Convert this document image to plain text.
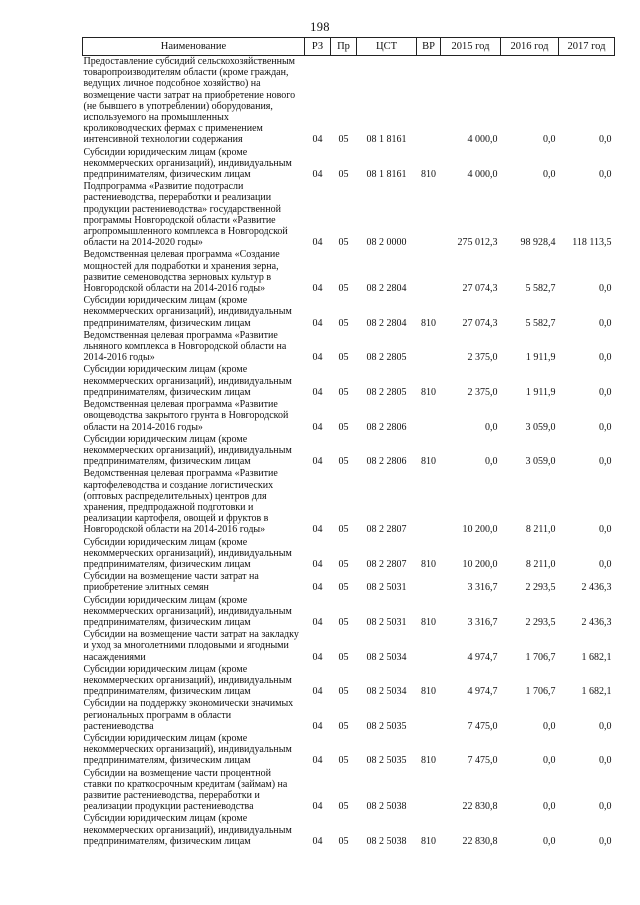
198
Наименование	РЗ	Пр	ЦСТ	ВР	2015 год	2016 год	2017 год
Предоставление субсидий сельскохозяйственным товаропроизводителям области (кроме граждан, ведущих личное подсобное хозяйство) на возмещение части затрат на приобретение нового (не бывшего в употреблении) оборудования, используемого на промышленных кролиководческих фермах с применением интенсивной технологии содержания	04	05	08 1 8161		4 000,0	0,0	0,0
Субсидии юридическим лицам (кроме некоммерческих организаций), индивидуальным предпринимателям, физическим лицам	04	05	08 1 8161	810	4 000,0	0,0	0,0
Подпрограмма «Развитие подотрасли растениеводства, переработки и реализации продукции растениеводства» государственной программы Новгородской области «Развитие агропромышленного комплекса в Новгородской области на 2014-2020 годы»	04	05	08 2 0000		275 012,3	98 928,4	118 113,5
Ведомственная целевая программа «Создание мощностей для подработки и хранения зерна, развитие семеноводства зерновых культур в Новгородской области на 2014-2016 годы»	04	05	08 2 2804		27 074,3	5 582,7	0,0
Субсидии юридическим лицам (кроме некоммерческих организаций), индивидуальным предпринимателям, физическим лицам	04	05	08 2 2804	810	27 074,3	5 582,7	0,0
Ведомственная целевая программа «Развитие льняного комплекса в Новгородской области на 2014-2016 годы»	04	05	08 2 2805		2 375,0	1 911,9	0,0
Субсидии юридическим лицам (кроме некоммерческих организаций), индивидуальным предпринимателям, физическим лицам	04	05	08 2 2805	810	2 375,0	1 911,9	0,0
Ведомственная целевая программа «Развитие овощеводства закрытого грунта в Новгородской области на 2014-2016 годы»	04	05	08 2 2806		0,0	3 059,0	0,0
Субсидии юридическим лицам (кроме некоммерческих организаций), индивидуальным предпринимателям, физическим лицам	04	05	08 2 2806	810	0,0	3 059,0	0,0
Ведомственная целевая программа «Развитие картофелеводства и создание логистических (оптовых распределительных) центров для хранения, предпродажной подготовки и реализации картофеля, овощей и фруктов в Новгородской области на 2014-2016 годы»	04	05	08 2 2807		10 200,0	8 211,0	0,0
Субсидии юридическим лицам (кроме некоммерческих организаций), индивидуальным предпринимателям, физическим лицам	04	05	08 2 2807	810	10 200,0	8 211,0	0,0
Субсидии на возмещение части затрат на приобретение элитных семян	04	05	08 2 5031		3 316,7	2 293,5	2 436,3
Субсидии юридическим лицам (кроме некоммерческих организаций), индивидуальным предпринимателям, физическим лицам	04	05	08 2 5031	810	3 316,7	2 293,5	2 436,3
Субсидии на возмещение части затрат на закладку и уход за многолетними плодовыми и ягодными насаждениями	04	05	08 2 5034		4 974,7	1 706,7	1 682,1
Субсидии юридическим лицам (кроме некоммерческих организаций), индивидуальным предпринимателям, физическим лицам	04	05	08 2 5034	810	4 974,7	1 706,7	1 682,1
Субсидии на поддержку экономически значимых региональных программ в области растениеводства	04	05	08 2 5035		7 475,0	0,0	0,0
Субсидии юридическим лицам (кроме некоммерческих организаций), индивидуальным предпринимателям, физическим лицам	04	05	08 2 5035	810	7 475,0	0,0	0,0
Субсидии на возмещение части процентной ставки по краткосрочным кредитам (займам) на развитие растениеводства, переработки и реализации продукции растениеводства	04	05	08 2 5038		22 830,8	0,0	0,0
Субсидии юридическим лицам (кроме некоммерческих организаций), индивидуальным предпринимателям, физическим лицам	04	05	08 2 5038	810	22 830,8	0,0	0,0
